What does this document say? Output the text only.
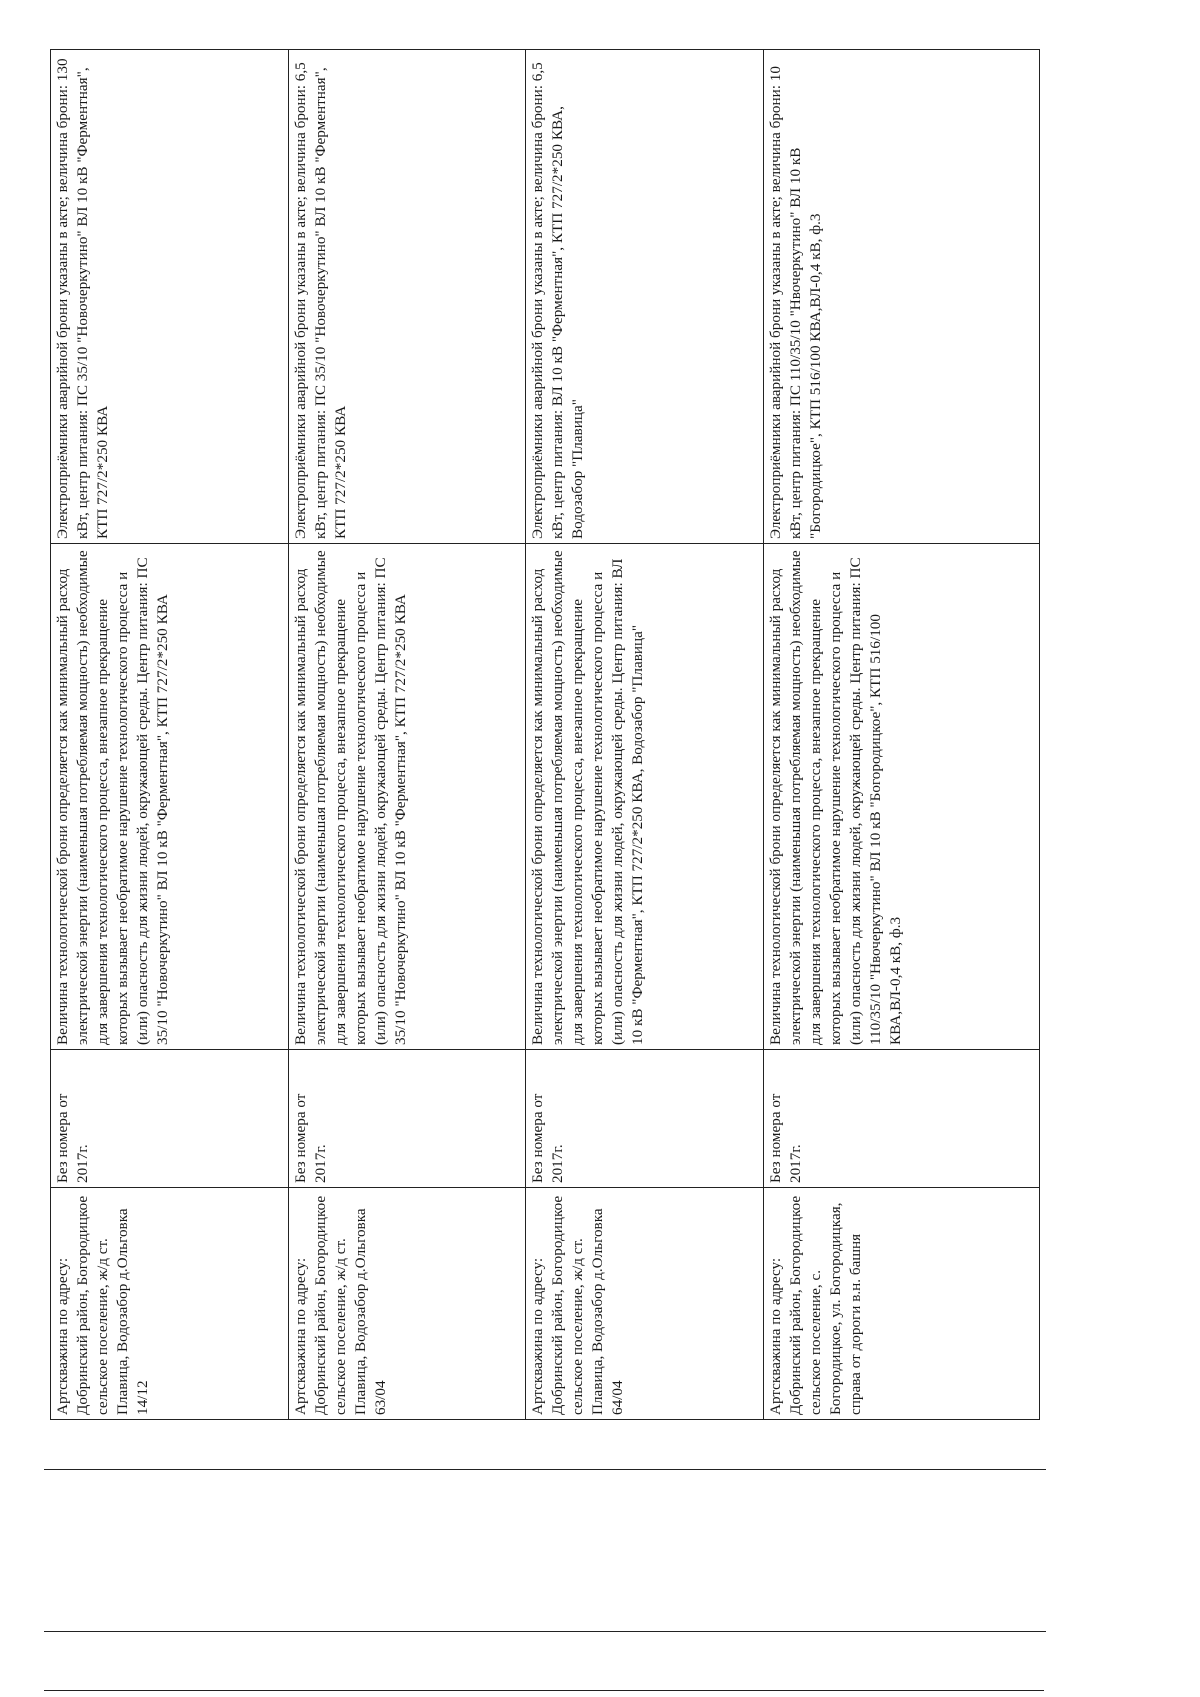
Артскважина по адресу: Добринский район, Богородицкое сельское поселение, ж/д ст. Плавица, Водозабор д.Ольговка 14/12	Без номера от 2017г.	Величина технологической брони определяется как минимальный расход электрической энергии (наименьшая потребляемая мощность) необходимые для завершения технологического процесса, внезапное прекращение которых вызывает необратимое нарушение технологического процесса и (или) опасность для жизни людей, окружающей среды. Центр питания: ПС 35/10 "Новочеркутино" ВЛ 10 кВ "Ферментная", КТП 727/2*250 КВА	Электроприёмники аварийной брони указаны в акте; величина брони: 130 кВт, центр питания: ПС 35/10 "Новочеркутино" ВЛ 10 кВ "Ферментная", КТП 727/2*250 КВА
Артскважина по адресу: Добринский район, Богородицкое сельское поселение, ж/д ст. Плавица, Водозабор д.Ольговка 63/04	Без номера от 2017г.	Величина технологической брони определяется как минимальный расход электрической энергии (наименьшая потребляемая мощность) необходимые для завершения технологического процесса, внезапное прекращение которых вызывает необратимое нарушение технологического процесса и (или) опасность для жизни людей, окружающей среды. Центр питания: ПС 35/10 "Новочеркутино" ВЛ 10 кВ "Ферментная", КТП 727/2*250 КВА	Электроприёмники аварийной брони указаны в акте; величина брони: 6,5 кВт, центр питания: ПС 35/10 "Новочеркутино" ВЛ 10 кВ "Ферментная", КТП 727/2*250 КВА
Артскважина по адресу: Добринский район, Богородицкое сельское поселение, ж/д ст. Плавица, Водозабор д.Ольговка 64/04	Без номера от 2017г.	Величина технологической брони определяется как минимальный расход электрической энергии (наименьшая потребляемая мощность) необходимые для завершения технологического процесса, внезапное прекращение которых вызывает необратимое нарушение технологического процесса и (или) опасность для жизни людей, окружающей среды. Центр питания: ВЛ 10 кВ "Ферментная", КТП 727/2*250 КВА, Водозабор "Плавица"	Электроприёмники аварийной брони указаны в акте; величина брони: 6,5 кВт, центр питания: ВЛ 10 кВ "Ферментная", КТП 727/2*250 КВА, Водозабор "Плавица"
Артскважина по адресу: Добринский район, Богородицкое сельское поселение, с. Богородицкое, ул. Богородицкая, справа от дороги в.н. башня	Без номера от 2017г.	Величина технологической брони определяется как минимальный расход электрической энергии (наименьшая потребляемая мощность) необходимые для завершения технологического процесса, внезапное прекращение которых вызывает необратимое нарушение технологического процесса и (или) опасность для жизни людей, окружающей среды. Центр питания: ПС 110/35/10 "Нвочеркутино" ВЛ 10 кВ "Богородицкое", КТП 516/100 КВА,ВЛ-0,4 кВ, ф.3	Электроприёмники аварийной брони указаны в акте; величина брони: 10 кВт, центр питания: ПС 110/35/10 "Нвочеркутино" ВЛ 10 кВ "Богородицкое", КТП 516/100 КВА,ВЛ-0,4 кВ, ф.3
